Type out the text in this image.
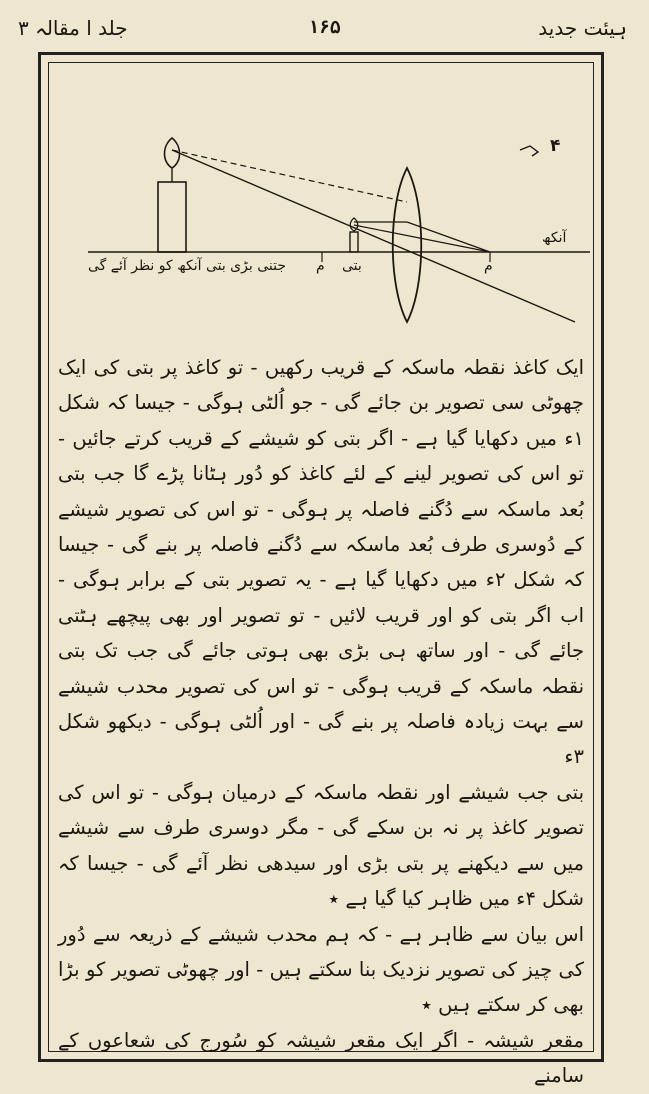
جلد ا مقالہ ۳	۱۶۵	ہیئت جدید
۴
آنکھ
جتنی بڑی بتی آنکھ کو نظر آئے گی	بتی
م	م

ایک کاغذ نقطہ ماسکہ کے قریب رکھیں - تو کاغذ پر بتی کی ایک چھوٹی سی تصویر بن جائے گی - جو اُلٹی ہوگی - جیسا کہ شکل ۱ء میں دکھایا گیا ہے - اگر بتی کو شیشے کے قریب کرتے جائیں - تو اس کی تصویر لینے کے لئے کاغذ کو دُور ہٹانا پڑے گا جب بتی بُعد ماسکہ سے دُگنے فاصلہ پر ہوگی - تو اس کی تصویر شیشے کے دُوسری طرف بُعد ماسکہ سے دُگنے فاصلہ پر بنے گی - جیسا کہ شکل ۲ء میں دکھایا گیا ہے - یہ تصویر بتی کے برابر ہوگی - اب اگر بتی کو اور قریب لائیں - تو تصویر اور بھی پیچھے ہٹتی جائے گی - اور ساتھ ہی بڑی بھی ہوتی جائے گی جب تک بتی نقطہ ماسکہ کے قریب ہوگی - تو اس کی تصویر محدب شیشے سے بہت زیادہ فاصلہ پر بنے گی - اور اُلٹی ہوگی - دیکھو شکل ۳ء

بتی جب شیشے اور نقطہ ماسکہ کے درمیان ہوگی - تو اس کی تصویر کاغذ پر نہ بن سکے گی - مگر دوسری طرف سے شیشے میں سے دیکھنے پر بتی بڑی اور سیدھی نظر آئے گی - جیسا کہ شکل ۴ء میں ظاہر کیا گیا ہے ٭

اس بیان سے ظاہر ہے - کہ ہم محدب شیشے کے ذریعہ سے دُور کی چیز کی تصویر نزدیک بنا سکتے ہیں - اور چھوٹی تصویر کو بڑا بھی کر سکتے ہیں ٭

مقعر شیشہ - اگر ایک مقعر شیشہ کو سُورج کی شعاعوں کے سامنے
